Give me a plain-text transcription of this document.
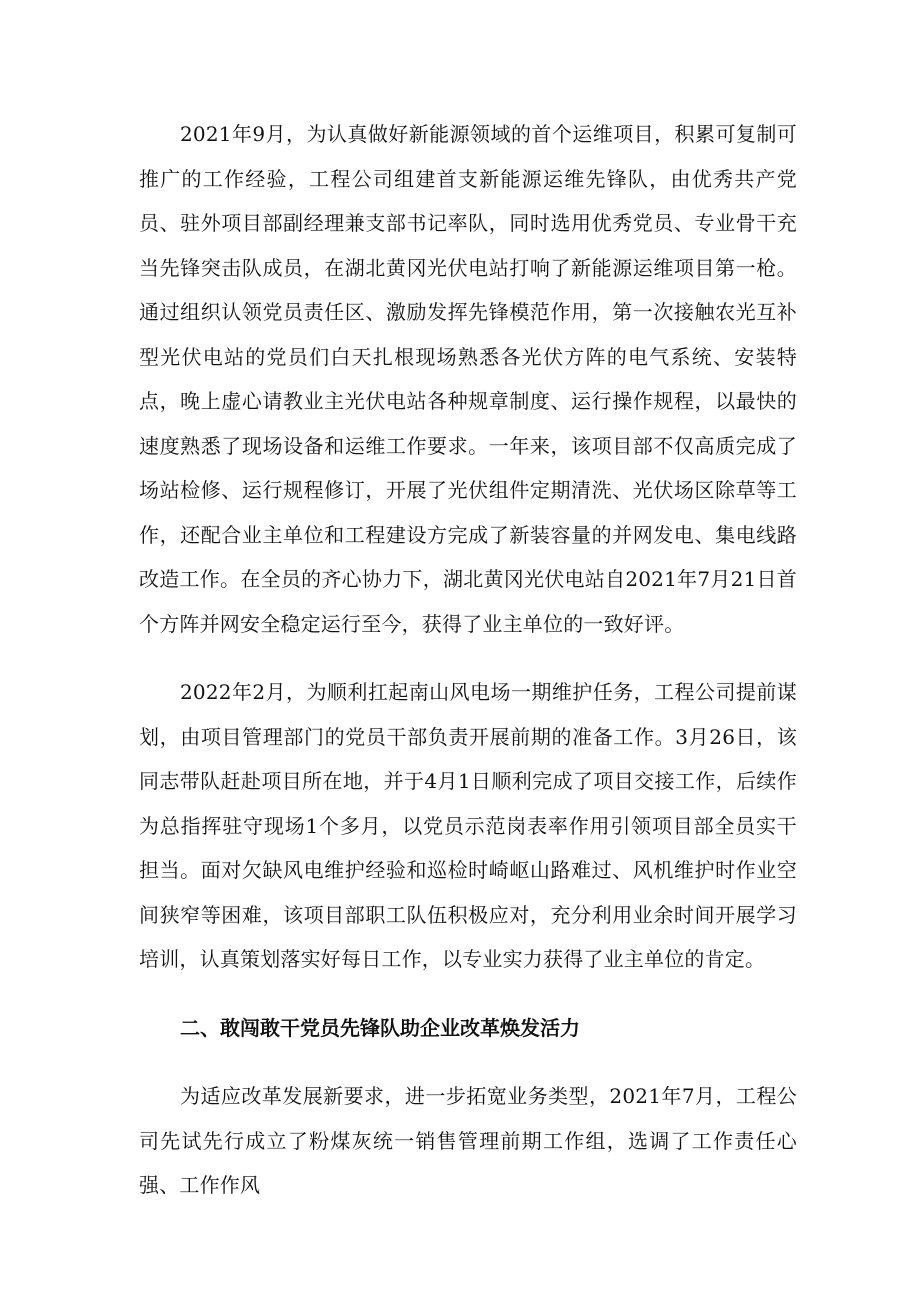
2021年9月，为认真做好新能源领域的首个运维项目，积累可复制可推广的工作经验，工程公司组建首支新能源运维先锋队，由优秀共产党员、驻外项目部副经理兼支部书记率队，同时选用优秀党员、专业骨干充当先锋突击队成员，在湖北黄冈光伏电站打响了新能源运维项目第一枪。通过组织认领党员责任区、激励发挥先锋模范作用，第一次接触农光互补型光伏电站的党员们白天扎根现场熟悉各光伏方阵的电气系统、安装特点，晚上虚心请教业主光伏电站各种规章制度、运行操作规程，以最快的速度熟悉了现场设备和运维工作要求。一年来，该项目部不仅高质完成了场站检修、运行规程修订，开展了光伏组件定期清洗、光伏场区除草等工作，还配合业主单位和工程建设方完成了新装容量的并网发电、集电线路改造工作。在全员的齐心协力下，湖北黄冈光伏电站自2021年7月21日首个方阵并网安全稳定运行至今，获得了业主单位的一致好评。

2022年2月，为顺利扛起南山风电场一期维护任务，工程公司提前谋划，由项目管理部门的党员干部负责开展前期的准备工作。3月26日，该同志带队赶赴项目所在地，并于4月1日顺利完成了项目交接工作，后续作为总指挥驻守现场1个多月，以党员示范岗表率作用引领项目部全员实干担当。面对欠缺风电维护经验和巡检时崎岖山路难过、风机维护时作业空间狭窄等困难，该项目部职工队伍积极应对，充分利用业余时间开展学习培训，认真策划落实好每日工作，以专业实力获得了业主单位的肯定。

二、敢闯敢干党员先锋队助企业改革焕发活力

为适应改革发展新要求，进一步拓宽业务类型，2021年7月，工程公司先试先行成立了粉煤灰统一销售管理前期工作组，选调了工作责任心强、工作作风
